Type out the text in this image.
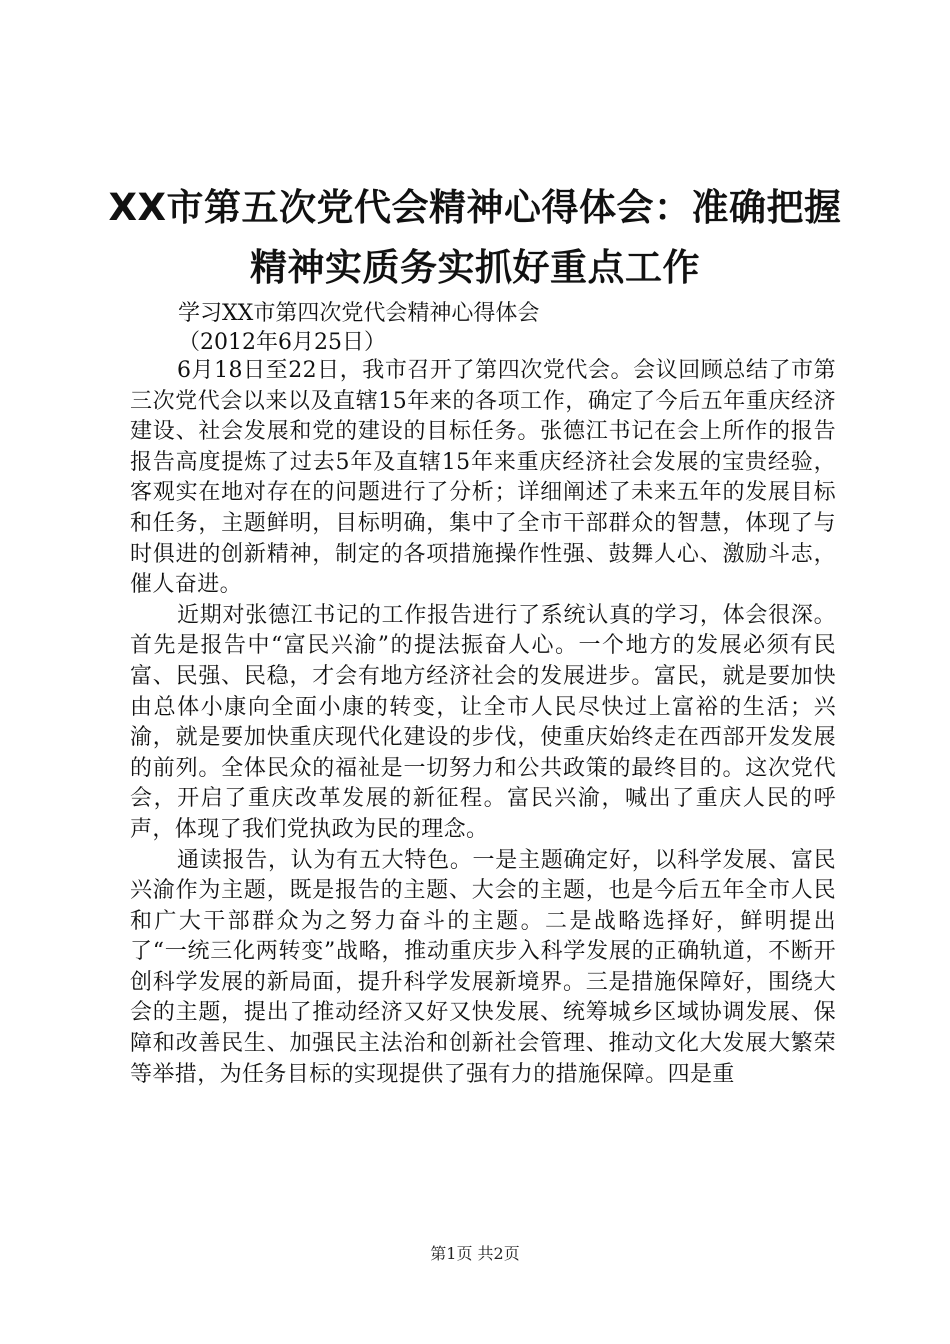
XX市第五次党代会精神心得体会：准确把握
精神实质务实抓好重点工作
学习XX市第四次党代会精神心得体会
（2012年6月25日）

6月18日至22日，我市召开了第四次党代会。会议回顾总结了市第三次党代会以来以及直辖15年来的各项工作，确定了今后五年重庆经济建设、社会发展和党的建设的目标任务。张德江书记在会上所作的报告报告高度提炼了过去5年及直辖15年来重庆经济社会发展的宝贵经验，客观实在地对存在的问题进行了分析；详细阐述了未来五年的发展目标和任务，主题鲜明，目标明确，集中了全市干部群众的智慧，体现了与时俱进的创新精神，制定的各项措施操作性强、鼓舞人心、激励斗志，催人奋进。

近期对张德江书记的工作报告进行了系统认真的学习，体会很深。首先是报告中“富民兴渝”的提法振奋人心。一个地方的发展必须有民富、民强、民稳，才会有地方经济社会的发展进步。富民，就是要加快由总体小康向全面小康的转变，让全市人民尽快过上富裕的生活；兴渝，就是要加快重庆现代化建设的步伐，使重庆始终走在西部开发发展的前列。全体民众的福祉是一切努力和公共政策的最终目的。这次党代会，开启了重庆改革发展的新征程。富民兴渝，喊出了重庆人民的呼声，体现了我们党执政为民的理念。

通读报告，认为有五大特色。一是主题确定好，以科学发展、富民兴渝作为主题，既是报告的主题、大会的主题，也是今后五年全市人民和广大干部群众为之努力奋斗的主题。二是战略选择好，鲜明提出了“一统三化两转变”战略，推动重庆步入科学发展的正确轨道，不断开创科学发展的新局面，提升科学发展新境界。三是措施保障好，围绕大会的主题，提出了推动经济又好又快发展、统筹城乡区域协调发展、保障和改善民生、加强民主法治和创新社会管理、推动文化大发展大繁荣等举措，为任务目标的实现提供了强有力的措施保障。四是重

第1页 共2页
